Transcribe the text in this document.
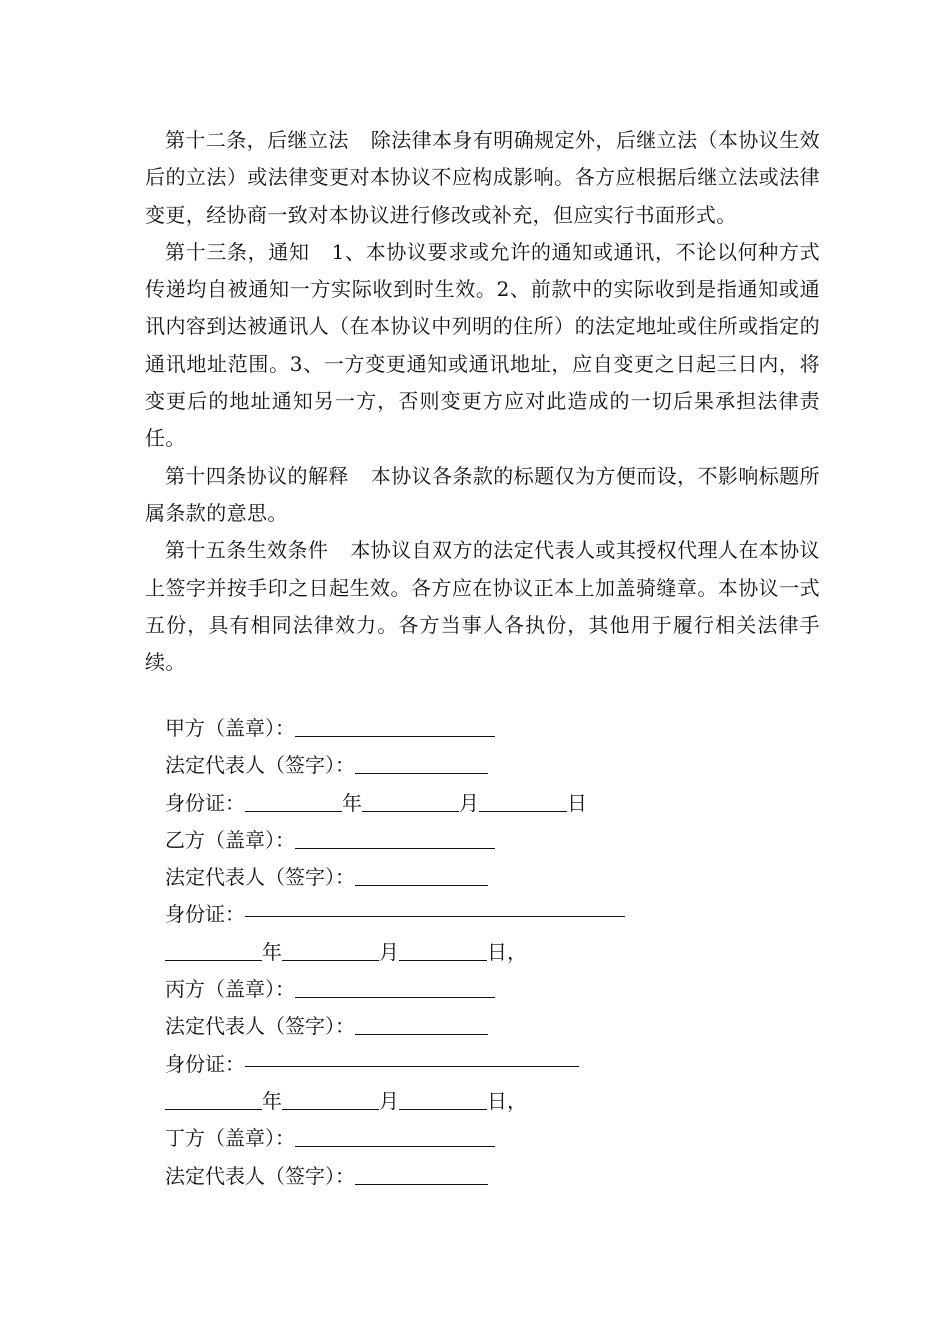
第十二条，后继立法 除法律本身有明确规定外，后继立法（本协议生效后的立法）或法律变更对本协议不应构成影响。各方应根据后继立法或法律变更，经协商一致对本协议进行修改或补充，但应实行书面形式。

第十三条，通知 1、本协议要求或允许的通知或通讯，不论以何种方式传递均自被通知一方实际收到时生效。2、前款中的实际收到是指通知或通讯内容到达被通讯人（在本协议中列明的住所）的法定地址或住所或指定的通讯地址范围。3、一方变更通知或通讯地址，应自变更之日起三日内，将变更后的地址通知另一方，否则变更方应对此造成的一切后果承担法律责任。

第十四条协议的解释 本协议各条款的标题仅为方便而设，不影响标题所属条款的意思。

第十五条生效条件 本协议自双方的法定代表人或其授权代理人在本协议上签字并按手印之日起生效。各方应在协议正本上加盖骑缝章。本协议一式五份，具有相同法律效力。各方当事人各执份，其他用于履行相关法律手续。

甲方（盖章）：

法定代表人（签字）：

身份证：	年	月	日

乙方（盖章）：

法定代表人（签字）：

身份证：

年	月	日，

丙方（盖章）：

法定代表人（签字）：

身份证：

年	月	日，

丁方（盖章）：

法定代表人（签字）：
